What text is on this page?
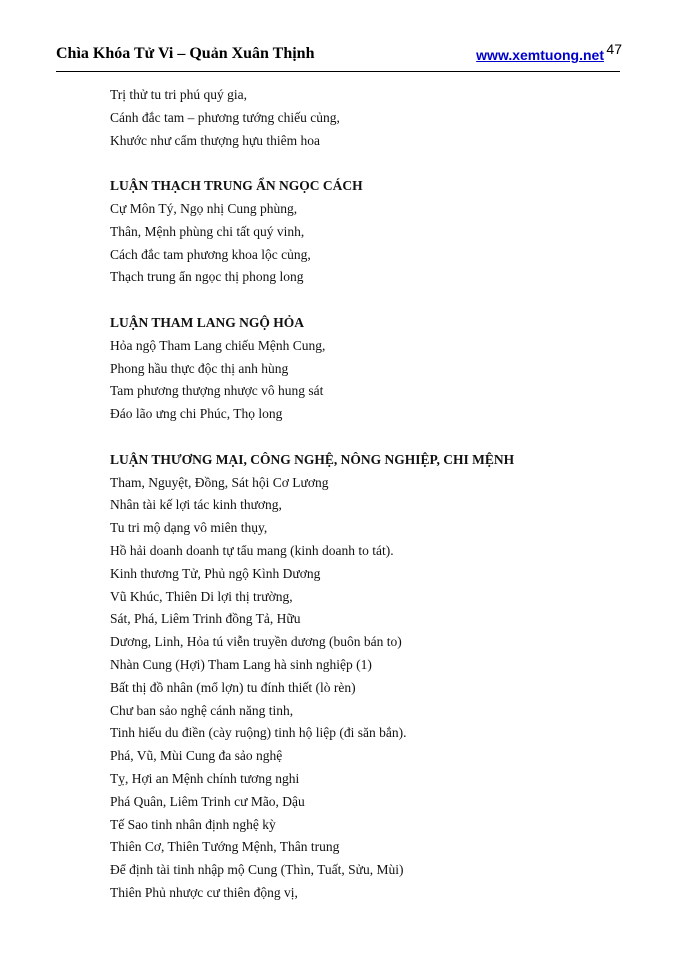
Chìa Khóa Tử Vi – Quản Xuân Thịnh	www.xemtuong.net 47
Trị thử tu tri phú quý gia,
Cánh đắc tam – phương tướng chiếu củng,
Khước như cẩm thượng hựu thiêm hoa
LUẬN THẠCH TRUNG ẨN NGỌC CÁCH
Cự Môn Tý, Ngọ nhị Cung phùng,
Thân, Mệnh phùng chi tất quý vinh,
Cách đắc tam phương khoa lộc củng,
Thạch trung ẩn ngọc thị phong long
LUẬN THAM LANG NGỘ HỎA
Hỏa ngộ Tham Lang chiếu Mệnh Cung,
Phong hầu thực độc thị anh hùng
Tam phương thượng nhược vô hung sát
Đáo lão ưng chi Phúc, Thọ long
LUẬN THƯƠNG MẠI, CÔNG NGHỆ, NÔNG NGHIỆP, CHI MỆNH
Tham, Nguyệt, Đồng, Sát hội Cơ Lương
Nhân tài kế lợi tác kinh thương,
Tu tri mộ dạng vô miên thụy,
Hồ hải doanh doanh tự tẩu mang (kinh doanh to tát).
Kinh thương Tử, Phủ ngộ Kình Dương
Vũ Khúc, Thiên Di lợi thị trường,
Sát, Phá, Liêm Trinh đồng Tả, Hữu
Dương, Linh, Hỏa tú viễn truyền dương (buôn bán to)
Nhàn Cung (Hợi) Tham Lang hà sinh nghiệp (1)
Bất thị đồ nhân (mổ lợn) tu đính thiết (lò rèn)
Chư ban sảo nghệ cánh năng tinh,
Tinh hiếu du điền (cày ruộng) tinh hộ liệp (đi săn bắn).
Phá, Vũ, Mùi Cung đa sảo nghệ
Tỵ, Hợi an Mệnh chính tương nghi
Phá Quân, Liêm Trinh cư Mão, Dậu
Tế Sao tinh nhân định nghệ kỳ
Thiên Cơ, Thiên Tướng Mệnh, Thân trung
Để định tài tinh nhập mộ Cung (Thìn, Tuất, Sửu, Mùi)
Thiên Phủ nhược cư thiên động vị,
